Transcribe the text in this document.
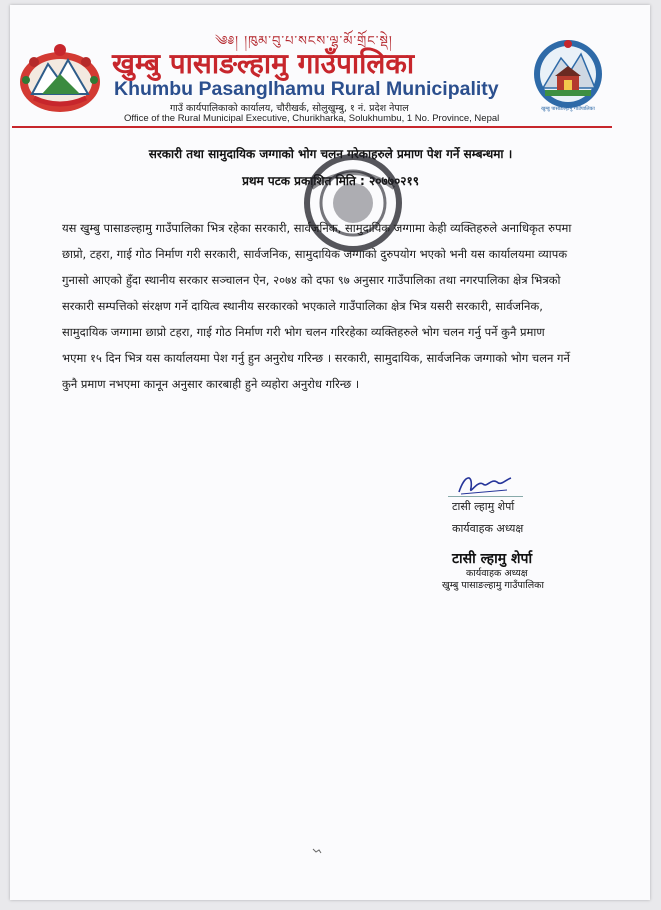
༄༅། །ཁུམ་བུ་པ་སངས་ལྷ་མོ་གྲོང་སྡེ།
खुम्बु पासाङल्हामु गाउँपालिका
Khumbu Pasanglhamu Rural Municipality
गाउँ कार्यपालिकाको कार्यालय, चौरीखर्क, सोलुखुम्बु, १ नं. प्रदेश नेपाल
Office of the Rural Municipal Executive, Churikharka, Solukhumbu, 1 No. Province, Nepal
खुम्बु पासाङल्हामु गाउँपालिका
सरकारी तथा सामुदायिक जग्गाको भोग चलन गरेकाहरुले प्रमाण पेश गर्ने सम्बन्धमा ।
प्रथम पटक प्रकाशित मिति : २०७७०२१९

यस खुम्बु पासाङल्हामु गाउँपालिका भित्र रहेका सरकारी, सार्वजनिक, सामुदायिक जग्गामा केही व्यक्तिहरुले अनाधिकृत रुपमा छाप्रो, टहरा, गाई गोठ निर्माण गरी सरकारी, सार्वजनिक, सामुदायिक जग्गाको दुरुपयोग भएको भनी यस कार्यालयमा व्यापक गुनासो आएको हुँदा स्थानीय सरकार सञ्चालन ऐन, २०७४ को दफा ९७ अनुसार गाउँपालिका तथा नगरपालिका क्षेत्र भित्रको सरकारी सम्पत्तिको संरक्षण गर्ने दायित्व स्थानीय सरकारको भएकाले गाउँपालिका क्षेत्र भित्र यसरी सरकारी, सार्वजनिक, सामुदायिक जग्गामा छाप्रो टहरा, गाई गोठ निर्माण गरी भोग चलन गरिरहेका व्यक्तिहरुले भोग चलन गर्नु पर्ने कुनै प्रमाण भएमा १५ दिन भित्र यस कार्यालयमा पेश गर्नु हुन अनुरोध गरिन्छ । सरकारी, सामुदायिक, सार्वजनिक जग्गाको भोग चलन गर्ने कुनै प्रमाण नभएमा कानून अनुसार कारबाही हुने व्यहोरा अनुरोध गरिन्छ ।

टासी ल्हामु शेर्पा
कार्यवाहक अध्यक्ष
टासी ल्हामु शेर्पा
कार्यवाहक अध्यक्ष
खुम्बु पासाङल्हामु गाउँपालिका
